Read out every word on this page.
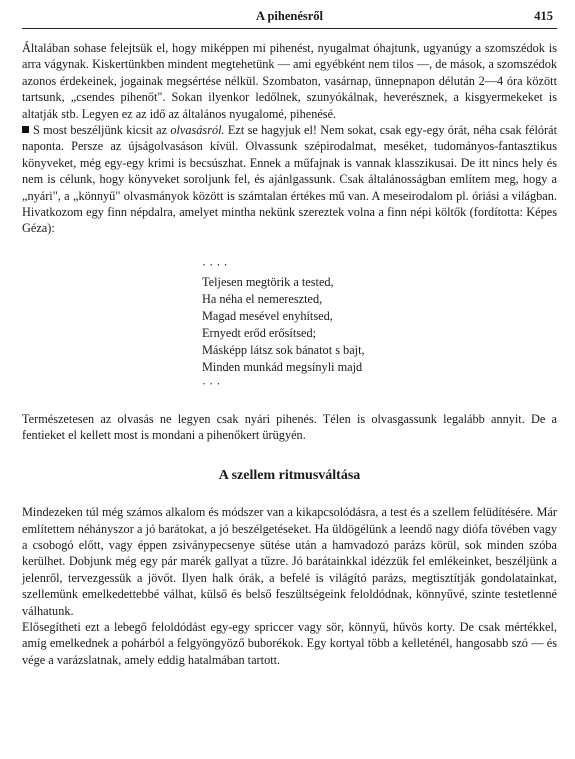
A pihenésről	415

Általában sohase felejtsük el, hogy miképpen mi pihenést, nyugalmat óhajtunk, ugyanúgy a szomszédok is arra vágynak. Kiskertünkben mindent megtehetünk — ami egyébként nem tilos —, de mások, a szomszédok azonos érdekeinek, jogainak megsértése nélkül. Szombaton, vasárnap, ünnepnapon délután 2—4 óra között tartsunk, „csendes pihenőt". Sokan ilyenkor ledőlnek, szunyókálnak, heverésznek, a kisgyermekeket is altatják stb. Legyen ez az idő az általános nyugalomé, pihenésé.

S most beszéljünk kicsit az olvasásról. Ezt se hagyjuk el! Nem sokat, csak egy-egy órát, néha csak félórát naponta. Persze az újságolvasáson kívül. Olvassunk szépirodalmat, meséket, tudományos-fantasztikus könyveket, még egy-egy krimi is becsúszhat. Ennek a műfajnak is vannak klasszikusai. De itt nincs hely és nem is célunk, hogy könyveket soroljunk fel, és ajánlgassunk. Csak általánosságban említem meg, hogy a „nyári", a „könnyű" olvasmányok között is számtalan értékes mű van. A meseirodalom pl. óriási a világban. Hivatkozom egy finn népdalra, amelyet mintha nekünk szereztek volna a finn népi költők (fordította: Képes Géza):

· · · ·
Teljesen megtörik a tested,
Ha néha el nemereszted,
Magad mesével enyhítsed,
Ernyedt erőd erősítsed;
Másképp látsz sok bánatot s bajt,
Minden munkád megsínyli majd
· · ·

Természetesen az olvasás ne legyen csak nyári pihenés. Télen is olvasgassunk legalább annyit. De a fentieket el kellett most is mondani a pihenőkert ürügyén.

A szellem ritmusváltása

Mindezeken túl még számos alkalom és módszer van a kikapcsolódásra, a test és a szellem felüdítésére. Már említettem néhányszor a jó barátokat, a jó beszélgetéseket. Ha üldögélünk a leendő nagy diófa tövében vagy a csobogó előtt, vagy éppen zsiványpecsenye sütése után a hamvadozó parázs körül, sok minden szóba kerülhet. Dobjunk még egy pár marék gallyat a tűzre. Jó barátainkkal idézzük fel emlékeinket, beszéljünk a jelenről, tervezgessük a jövőt. Ilyen halk órák, a befelé is világító parázs, megtisztítják gondolatainkat, szellemünk emelkedettebbé válhat, külső és belső feszültségeink feloldódnak, könnyűvé, szinte testetlenné válhatunk.

Elősegítheti ezt a lebegő feloldódást egy-egy spriccer vagy sör, könnyű, hűvös korty. De csak mértékkel, amíg emelkednek a pohárból a felgyöngyöző buborékok. Egy kortyal több a kelleténél, hangosabb szó — és vége a varázslatnak, amely eddig hatalmában tartott.
